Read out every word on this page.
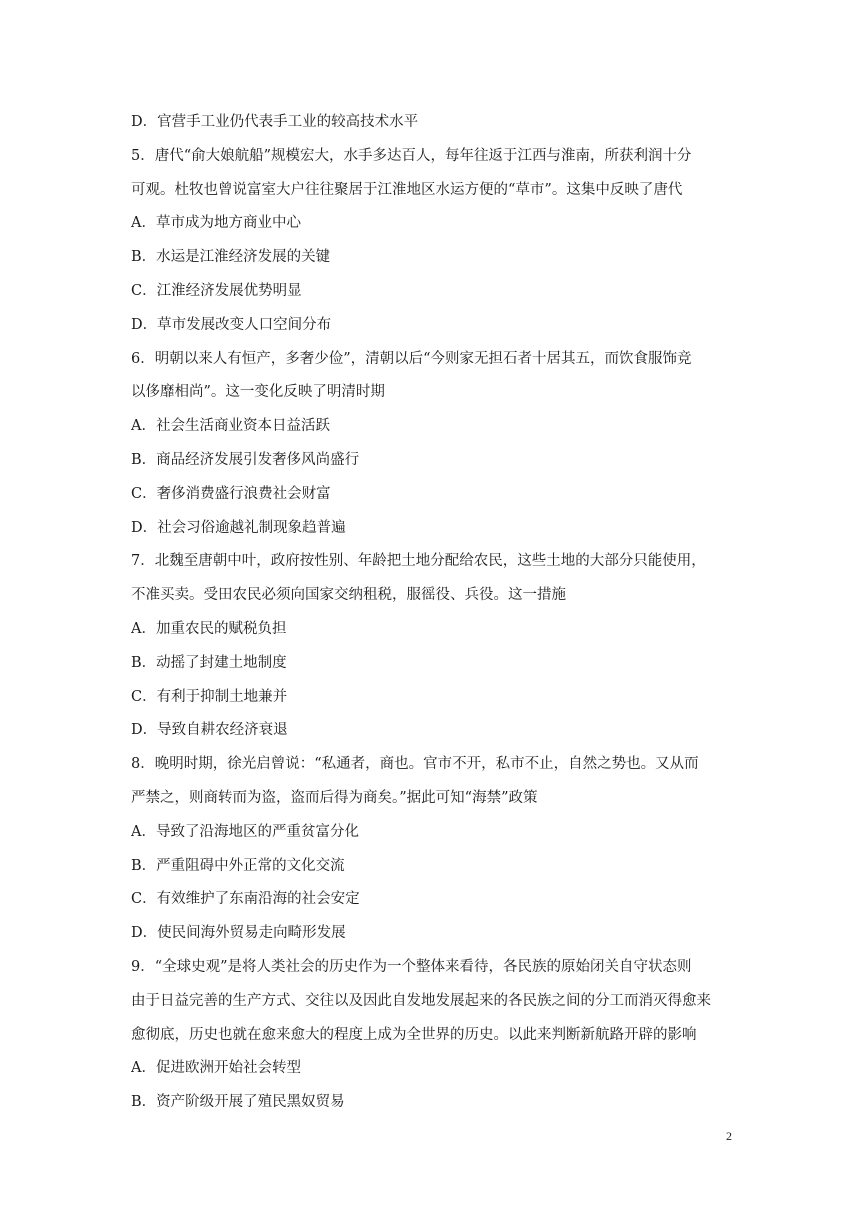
D．官营手工业仍代表手工业的较高技术水平
5．唐代“俞大娘航船”规模宏大，水手多达百人，每年往返于江西与淮南，所获利润十分
可观。杜牧也曾说富室大户往往聚居于江淮地区水运方便的“草市”。这集中反映了唐代
A．草市成为地方商业中心
B．水运是江淮经济发展的关键
C．江淮经济发展优势明显
D．草市发展改变人口空间分布
6．明朝以来人有恒产，多奢少俭”，清朝以后“今则家无担石者十居其五，而饮食服饰竞
以侈靡相尚”。这一变化反映了明清时期
A．社会生活商业资本日益活跃
B．商品经济发展引发奢侈风尚盛行
C．奢侈消费盛行浪费社会财富
D．社会习俗逾越礼制现象趋普遍
7．北魏至唐朝中叶，政府按性别、年龄把土地分配给农民，这些土地的大部分只能使用，
不准买卖。受田农民必须向国家交纳租税，服徭役、兵役。这一措施
A．加重农民的赋税负担
B．动摇了封建土地制度
C．有利于抑制土地兼并
D．导致自耕农经济衰退
8．晚明时期，徐光启曾说：“私通者，商也。官市不开，私市不止，自然之势也。又从而
严禁之，则商转而为盗，盗而后得为商矣。”据此可知“海禁”政策
A．导致了沿海地区的严重贫富分化
B．严重阻碍中外正常的文化交流
C．有效维护了东南沿海的社会安定
D．使民间海外贸易走向畸形发展
9．“全球史观”是将人类社会的历史作为一个整体来看待，各民族的原始闭关自守状态则
由于日益完善的生产方式、交往以及因此自发地发展起来的各民族之间的分工而消灭得愈来
愈彻底，历史也就在愈来愈大的程度上成为全世界的历史。以此来判断新航路开辟的影响
A．促进欧洲开始社会转型
B．资产阶级开展了殖民黑奴贸易
2
